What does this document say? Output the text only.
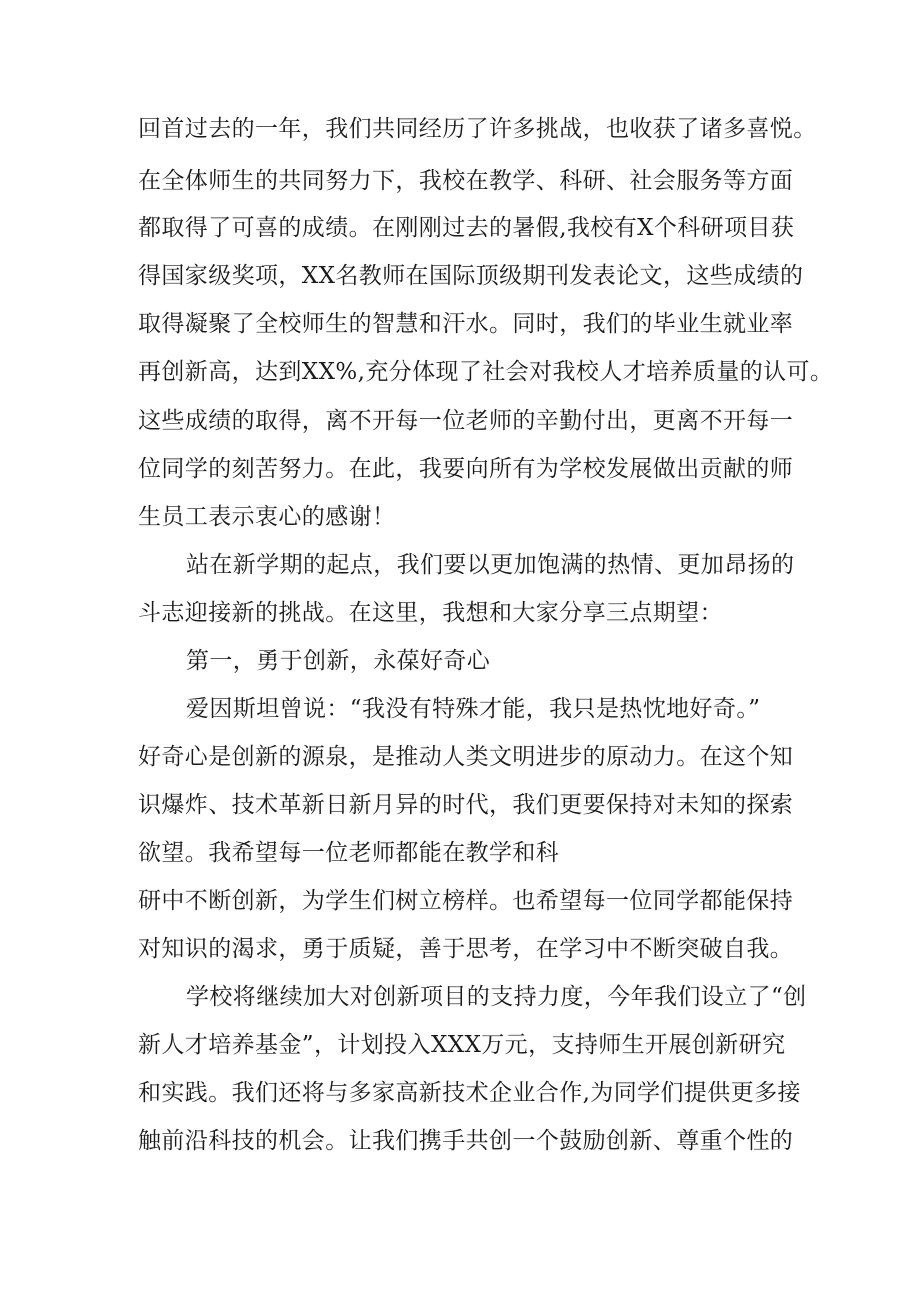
回首过去的一年，我们共同经历了许多挑战，也收获了诸多喜悦。
在全体师生的共同努力下，我校在教学、科研、社会服务等方面
都取得了可喜的成绩。在刚刚过去的暑假,我校有X个科研项目获
得国家级奖项，XX名教师在国际顶级期刊发表论文，这些成绩的
取得凝聚了全校师生的智慧和汗水。同时，我们的毕业生就业率
再创新高，达到XX%,充分体现了社会对我校人才培养质量的认可。
这些成绩的取得，离不开每一位老师的辛勤付出，更离不开每一
位同学的刻苦努力。在此，我要向所有为学校发展做出贡献的师
生员工表示衷心的感谢！
站在新学期的起点，我们要以更加饱满的热情、更加昂扬的
斗志迎接新的挑战。在这里，我想和大家分享三点期望：
第一，勇于创新，永葆好奇心
爱因斯坦曾说：“我没有特殊才能，我只是热忱地好奇。”
好奇心是创新的源泉，是推动人类文明进步的原动力。在这个知
识爆炸、技术革新日新月异的时代，我们更要保持对未知的探索
欲望。我希望每一位老师都能在教学和科
研中不断创新，为学生们树立榜样。也希望每一位同学都能保持
对知识的渴求，勇于质疑，善于思考，在学习中不断突破自我。
学校将继续加大对创新项目的支持力度，今年我们设立了“创
新人才培养基金”，计划投入XXX万元，支持师生开展创新研究
和实践。我们还将与多家高新技术企业合作,为同学们提供更多接
触前沿科技的机会。让我们携手共创一个鼓励创新、尊重个性的
